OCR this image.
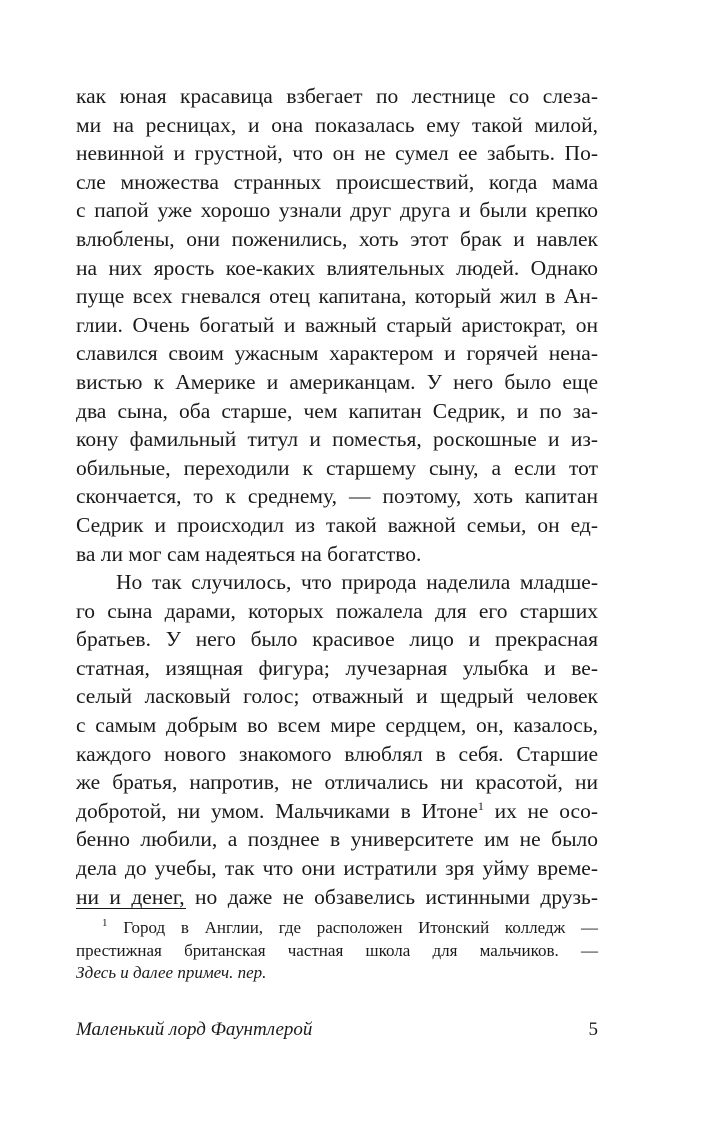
как юная красавица взбегает по лестнице со слеза-
ми на ресницах, и она показалась ему такой милой,
невинной и грустной, что он не сумел ее забыть. По-
сле множества странных происшествий, когда мама
с папой уже хорошо узнали друг друга и были крепко
влюблены, они поженились, хоть этот брак и навлек
на них ярость кое-каких влиятельных людей. Однако
пуще всех гневался отец капитана, который жил в Ан-
глии. Очень богатый и важный старый аристократ, он
славился своим ужасным характером и горячей нена-
вистью к Америке и американцам. У него было еще
два сына, оба старше, чем капитан Седрик, и по за-
кону фамильный титул и поместья, роскошные и из-
обильные, переходили к старшему сыну, а если тот
скончается, то к среднему, — поэтому, хоть капитан
Седрик и происходил из такой важной семьи, он ед-
ва ли мог сам надеяться на богатство.
Но так случилось, что природа наделила младше-
го сына дарами, которых пожалела для его старших
братьев. У него было красивое лицо и прекрасная
статная, изящная фигура; лучезарная улыбка и ве-
селый ласковый голос; отважный и щедрый человек
с самым добрым во всем мире сердцем, он, казалось,
каждого нового знакомого влюблял в себя. Старшие
же братья, напротив, не отличались ни красотой, ни
добротой, ни умом. Мальчиками в Итоне$^1$ их не осо-
бенно любили, а позднее в университете им не было
дела до учебы, так что они истратили зря уйму време-
ни и денег, но даже не обзавелись истинными друзь-
$^1$ Город в Англии, где расположен Итонский колледж —
престижная британская частная школа для мальчиков. —
Здесь и далее примеч. пер.
Маленький лорд Фаунтлерой	5
